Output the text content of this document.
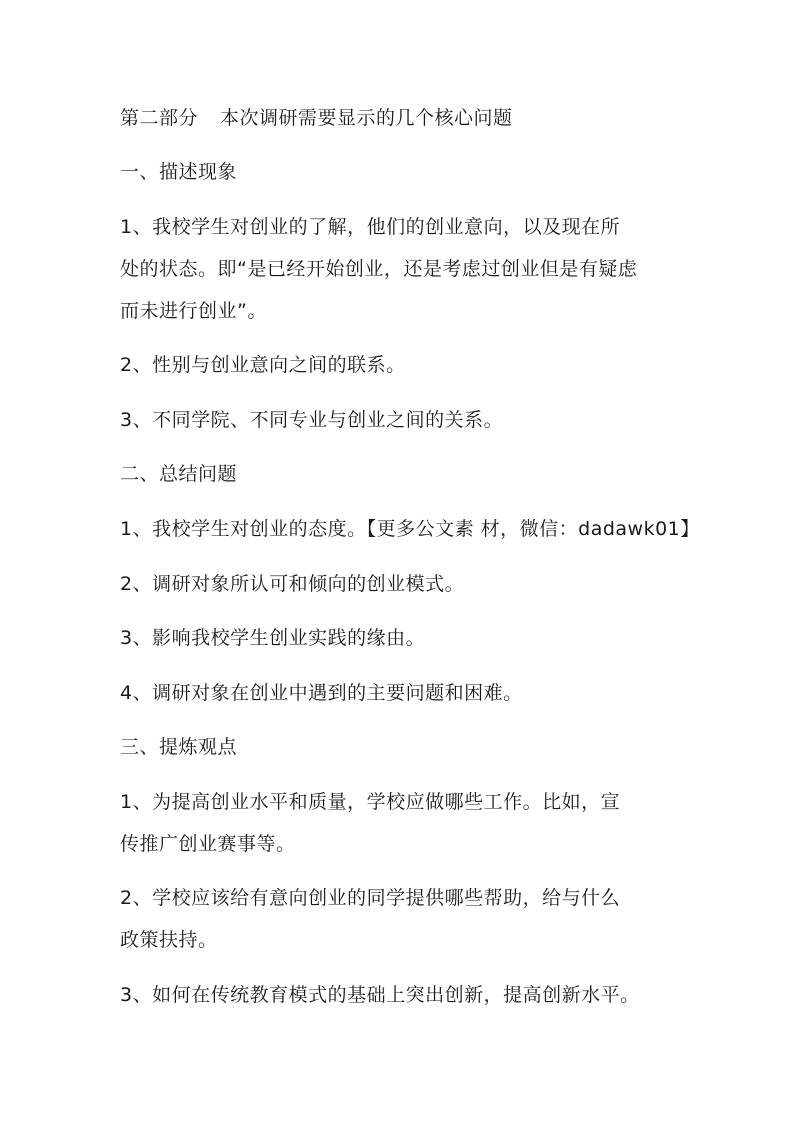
第二部分 本次调研需要显示的几个核心问题
一、描述现象
1、我校学生对创业的了解，他们的创业意向，以及现在所
处的状态。即“是已经开始创业，还是考虑过创业但是有疑虑
而未进行创业”。
2、性别与创业意向之间的联系。
3、不同学院、不同专业与创业之间的关系。
二、总结问题
1、我校学生对创业的态度。【更多公文素 材，微信：dadawk01】
2、调研对象所认可和倾向的创业模式。
3、影响我校学生创业实践的缘由。
4、调研对象在创业中遇到的主要问题和困难。
三、提炼观点
1、为提高创业水平和质量，学校应做哪些工作。比如，宣
传推广创业赛事等。
2、学校应该给有意向创业的同学提供哪些帮助，给与什么
政策扶持。
3、如何在传统教育模式的基础上突出创新，提高创新水平。
